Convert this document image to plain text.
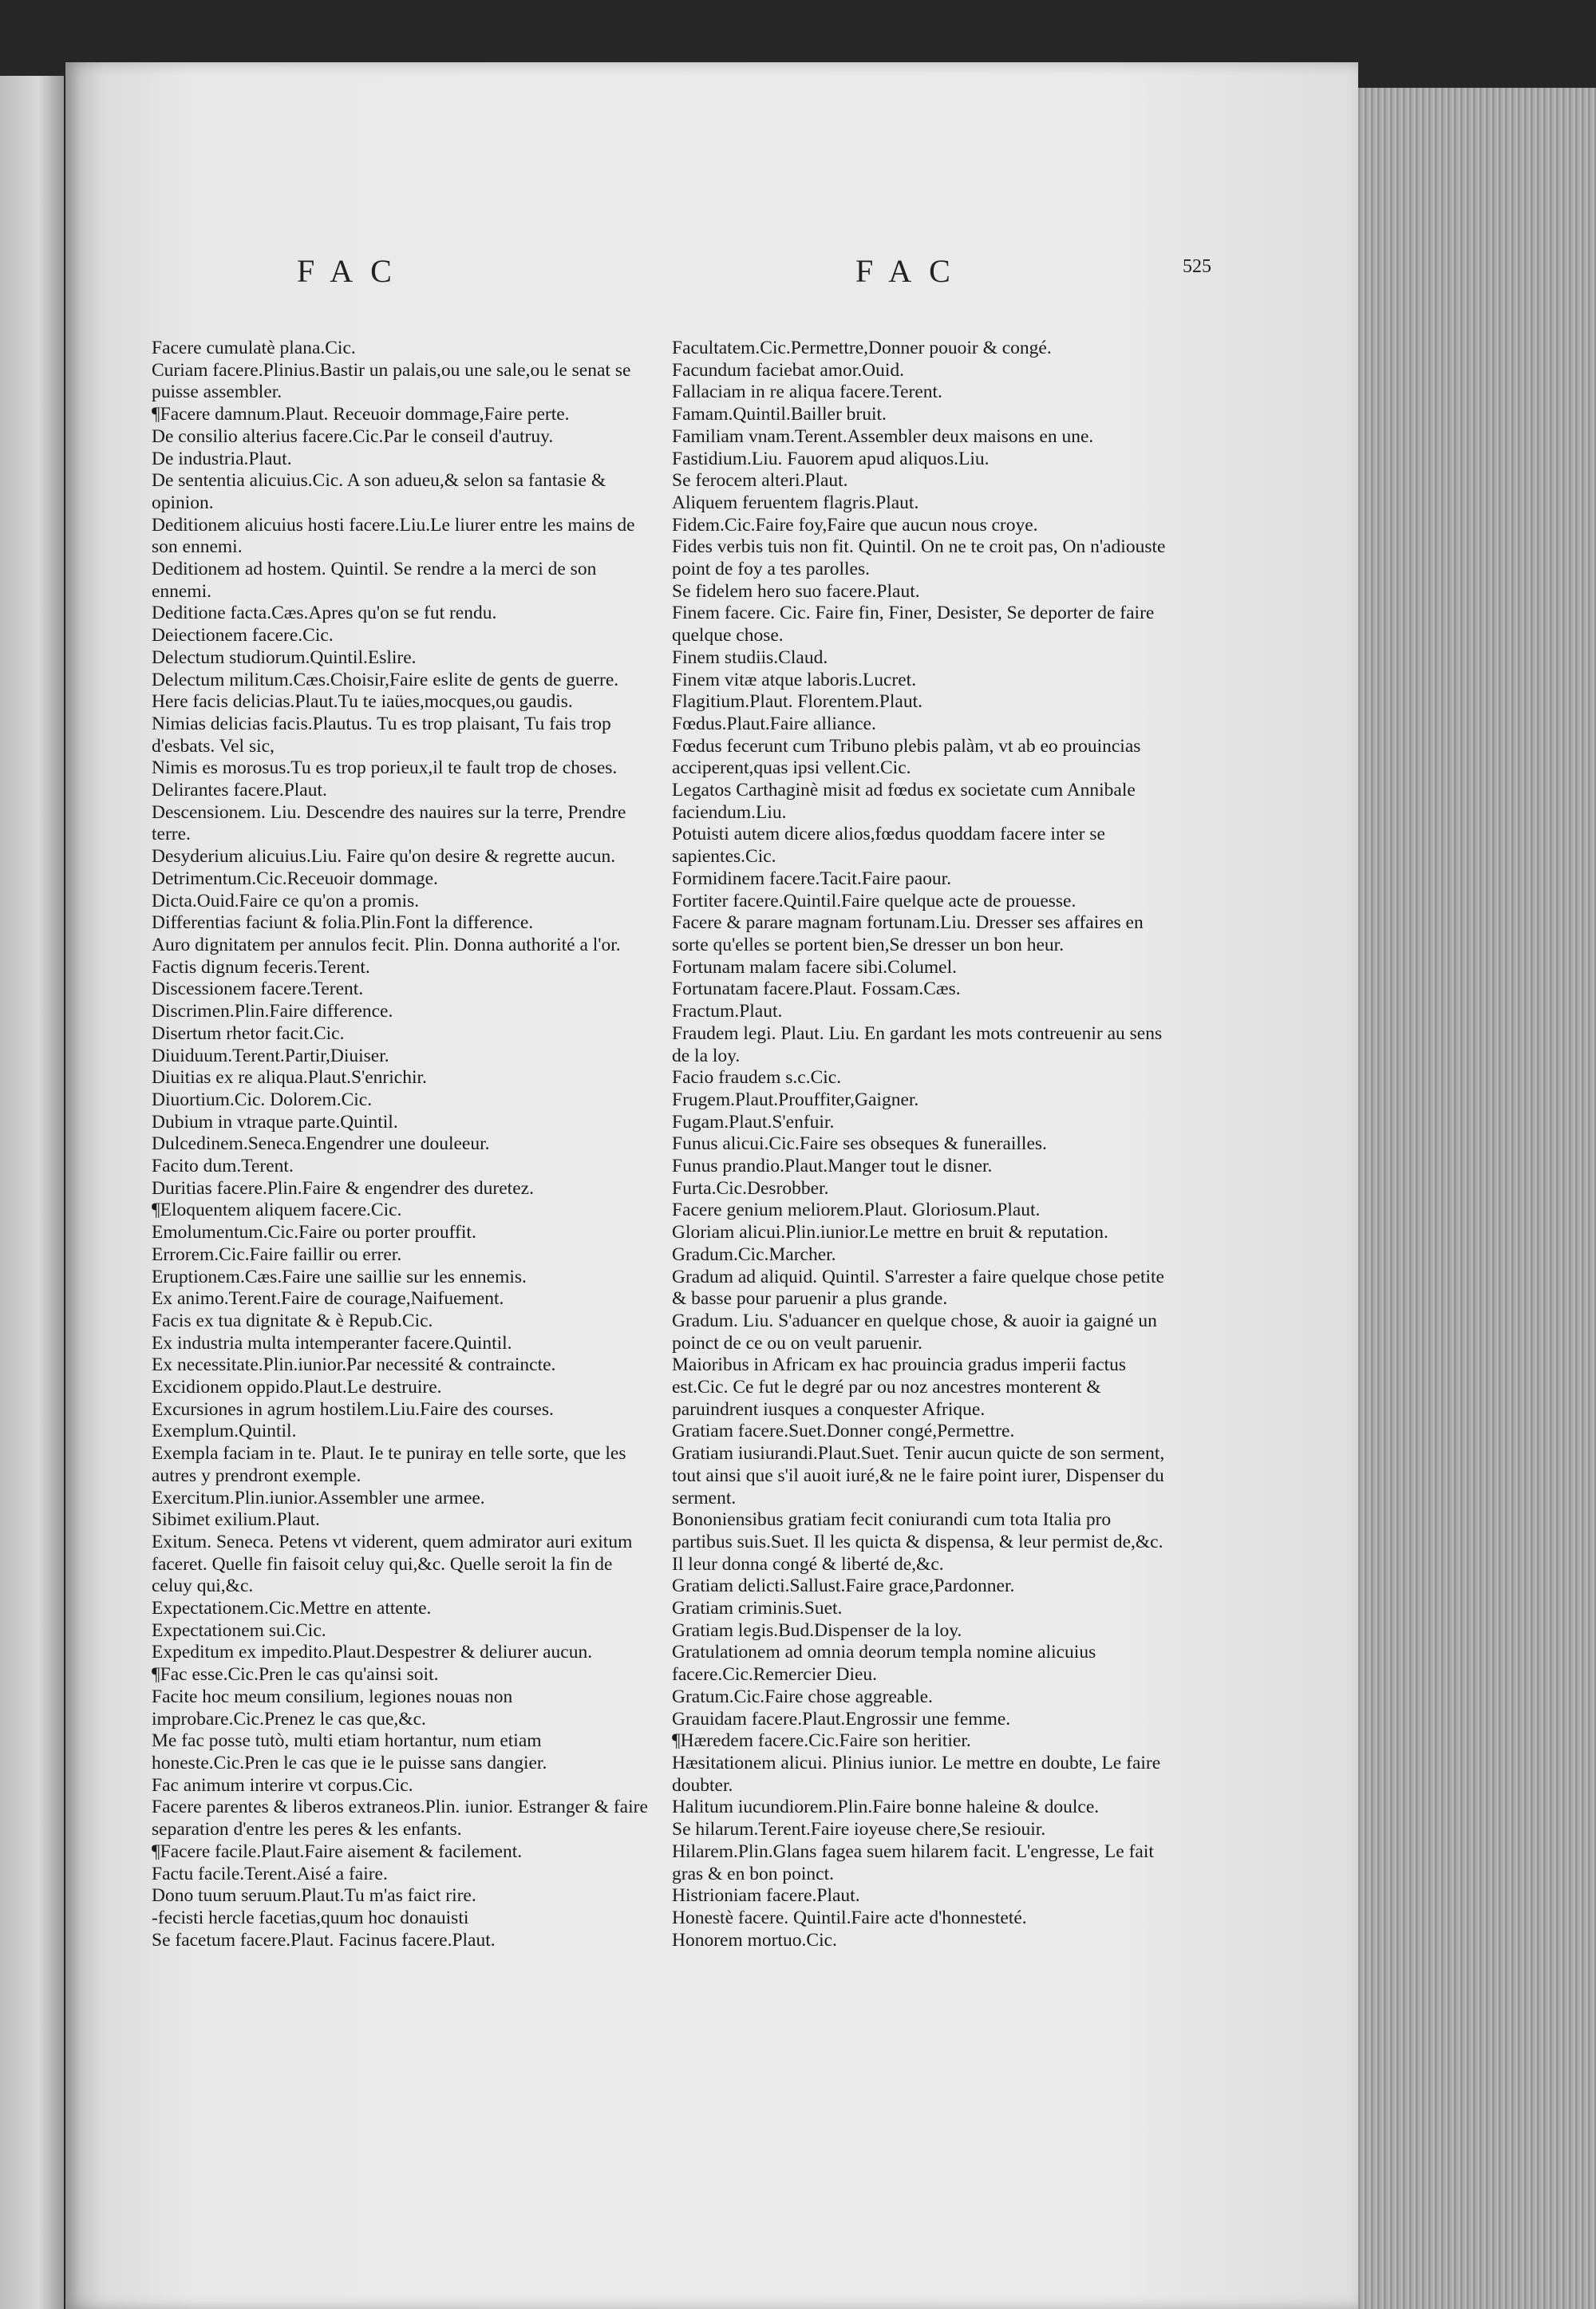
FAC	FAC	525
Facere cumulatè plana.Cic.
Curiam facere.Plinius.Bastir un palais,ou une sale,ou le senat se puisse assembler.
¶Facere damnum.Plaut. Receuoir dommage,Faire perte.
De consilio alterius facere.Cic.Par le conseil d'autruy.
De industria.Plaut.
De sententia alicuius.Cic. A son adueu,& selon sa fantasie & opinion.
Deditionem alicuius hosti facere.Liu.Le liurer entre les mains de son ennemi.
Deditionem ad hostem. Quintil. Se rendre a la merci de son ennemi.
Deditione facta.Cæs.Apres qu'on se fut rendu.
Deiectionem facere.Cic.
Delectum studiorum.Quintil.Eslire.
Delectum militum.Cæs.Choisir,Faire eslite de gents de guerre.
Here facis delicias.Plaut.Tu te iaües,mocques,ou gaudis.
Nimias delicias facis.Plautus. Tu es trop plaisant, Tu fais trop d'esbats. Vel sic,
Nimis es morosus.Tu es trop porieux,il te fault trop de choses.
Delirantes facere.Plaut.
Descensionem. Liu. Descendre des nauires sur la terre, Prendre terre.
Desyderium alicuius.Liu. Faire qu'on desire & regrette aucun.
Detrimentum.Cic.Receuoir dommage.
Dicta.Ouid.Faire ce qu'on a promis.
Differentias faciunt & folia.Plin.Font la difference.
Auro dignitatem per annulos fecit. Plin. Donna authorité a l'or. Factis dignum feceris.Terent.
Discessionem facere.Terent.
Discrimen.Plin.Faire difference.
Disertum rhetor facit.Cic.
Diuiduum.Terent.Partir,Diuiser.
Diuitias ex re aliqua.Plaut.S'enrichir.
Diuortium.Cic. Dolorem.Cic.
Dubium in vtraque parte.Quintil.
Dulcedinem.Seneca.Engendrer une douleeur.
Facito dum.Terent.
Duritias facere.Plin.Faire & engendrer des duretez.
¶Eloquentem aliquem facere.Cic.
Emolumentum.Cic.Faire ou porter prouffit.
Errorem.Cic.Faire faillir ou errer.
Eruptionem.Cæs.Faire une saillie sur les ennemis.
Ex animo.Terent.Faire de courage,Naifuement.
Facis ex tua dignitate & è Repub.Cic.
Ex industria multa intemperanter facere.Quintil.
Ex necessitate.Plin.iunior.Par necessité & contraincte.
Excidionem oppido.Plaut.Le destruire.
Excursiones in agrum hostilem.Liu.Faire des courses.
Exemplum.Quintil.
Exempla faciam in te. Plaut. Ie te puniray en telle sorte, que les autres y prendront exemple.
Exercitum.Plin.iunior.Assembler une armee.
Sibimet exilium.Plaut.
Exitum. Seneca. Petens vt viderent, quem admirator auri exitum faceret. Quelle fin faisoit celuy qui,&c. Quelle seroit la fin de celuy qui,&c.
Expectationem.Cic.Mettre en attente.
Expectationem sui.Cic.
Expeditum ex impedito.Plaut.Despestrer & deliurer aucun.
¶Fac esse.Cic.Pren le cas qu'ainsi soit.
Facite hoc meum consilium, legiones nouas non improbare.Cic.Prenez le cas que,&c.
Me fac posse tutò, multi etiam hortantur, num etiam honeste.Cic.Pren le cas que ie le puisse sans dangier.
Fac animum interire vt corpus.Cic.
Facere parentes & liberos extraneos.Plin. iunior. Estranger & faire separation d'entre les peres & les enfants.
¶Facere facile.Plaut.Faire aisement & facilement.
Factu facile.Terent.Aisé a faire.
Dono tuum seruum.Plaut.Tu m'as faict rire.
-fecisti hercle facetias,quum hoc donauisti
Se facetum facere.Plaut. Facinus facere.Plaut.
Facultatem.Cic.Permettre,Donner pouoir & congé.
Facundum faciebat amor.Ouid.
Fallaciam in re aliqua facere.Terent.
Famam.Quintil.Bailler bruit.
Familiam vnam.Terent.Assembler deux maisons en une.
Fastidium.Liu. Fauorem apud aliquos.Liu.
Se ferocem alteri.Plaut.
Aliquem feruentem flagris.Plaut.
Fidem.Cic.Faire foy,Faire que aucun nous croye.
Fides verbis tuis non fit. Quintil. On ne te croit pas, On n'adiouste point de foy a tes parolles.
Se fidelem hero suo facere.Plaut.
Finem facere. Cic. Faire fin, Finer, Desister, Se deporter de faire quelque chose.
Finem studiis.Claud.
Finem vitæ atque laboris.Lucret.
Flagitium.Plaut. Florentem.Plaut.
Fœdus.Plaut.Faire alliance.
Fœdus fecerunt cum Tribuno plebis palàm, vt ab eo prouincias acciperent,quas ipsi vellent.Cic.
Legatos Carthaginè misit ad fœdus ex societate cum Annibale faciendum.Liu.
Potuisti autem dicere alios,fœdus quoddam facere inter se sapientes.Cic.
Formidinem facere.Tacit.Faire paour.
Fortiter facere.Quintil.Faire quelque acte de prouesse.
Facere & parare magnam fortunam.Liu. Dresser ses affaires en sorte qu'elles se portent bien,Se dresser un bon heur.
Fortunam malam facere sibi.Columel.
Fortunatam facere.Plaut. Fossam.Cæs.
Fractum.Plaut.
Fraudem legi. Plaut. Liu. En gardant les mots contreuenir au sens de la loy.
Facio fraudem s.c.Cic.
Frugem.Plaut.Prouffiter,Gaigner.
Fugam.Plaut.S'enfuir.
Funus alicui.Cic.Faire ses obseques & funerailles.
Funus prandio.Plaut.Manger tout le disner.
Furta.Cic.Desrobber.
Facere genium meliorem.Plaut. Gloriosum.Plaut.
Gloriam alicui.Plin.iunior.Le mettre en bruit & reputation.
Gradum.Cic.Marcher.
Gradum ad aliquid. Quintil. S'arrester a faire quelque chose petite & basse pour paruenir a plus grande.
Gradum. Liu. S'aduancer en quelque chose, & auoir ia gaigné un poinct de ce ou on veult paruenir.
Maioribus in Africam ex hac prouincia gradus imperii factus est.Cic. Ce fut le degré par ou noz ancestres monterent & paruindrent iusques a conquester Afrique.
Gratiam facere.Suet.Donner congé,Permettre.
Gratiam iusiurandi.Plaut.Suet. Tenir aucun quicte de son serment, tout ainsi que s'il auoit iuré,& ne le faire point iurer, Dispenser du serment.
Bononiensibus gratiam fecit coniurandi cum tota Italia pro partibus suis.Suet. Il les quicta & dispensa, & leur permist de,&c. Il leur donna congé & liberté de,&c.
Gratiam delicti.Sallust.Faire grace,Pardonner.
Gratiam criminis.Suet.
Gratiam legis.Bud.Dispenser de la loy.
Gratulationem ad omnia deorum templa nomine alicuius facere.Cic.Remercier Dieu.
Gratum.Cic.Faire chose aggreable.
Grauidam facere.Plaut.Engrossir une femme.
¶Hæredem facere.Cic.Faire son heritier.
Hæsitationem alicui. Plinius iunior. Le mettre en doubte, Le faire doubter.
Halitum iucundiorem.Plin.Faire bonne haleine & doulce.
Se hilarum.Terent.Faire ioyeuse chere,Se resiouir.
Hilarem.Plin.Glans fagea suem hilarem facit. L'engresse, Le fait gras & en bon poinct.
Histrioniam facere.Plaut.
Honestè facere. Quintil.Faire acte d'honnesteté.
Honorem mortuo.Cic.
